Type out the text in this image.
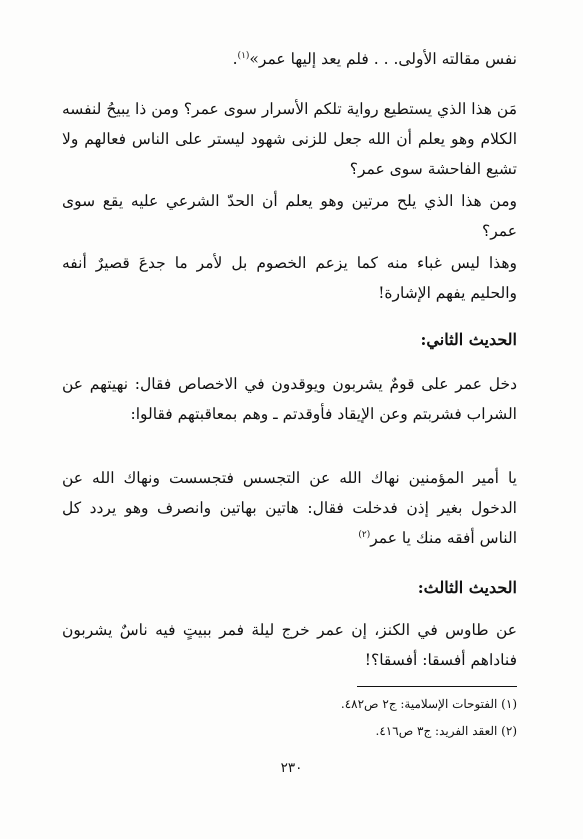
نفس مقالته الأولى. . . فلم يعد إليها عمر»$^{(١)}$.

مَن هذا الذي يستطيع رواية تلكم الأسرار سوى عمر؟ ومن ذا يبيحُ لنفسه الكلام وهو يعلم أن الله جعل للزنى شهود ليستر على الناس فعالهم ولا تشيع الفاحشة سوى عمر؟

ومن هذا الذي يلح مرتين وهو يعلم أن الحدّ الشرعي عليه يقع سوى عمر؟

وهذا ليس غباء منه كما يزعم الخصوم بل لأمر ما جدعَ قصيرٌ أنفه والحليم يفهم الإشارة!

الحديث الثاني:

دخل عمر على قومٌ يشربون ويوقدون في الاخصاص فقال: نهيتهم عن الشراب فشربتم وعن الإيقاد فأوقدتم ـ وهم بمعاقبتهم فقالوا:

يا أمير المؤمنين نهاك الله عن التجسس فتجسست ونهاك الله عن الدخول بغير إذن فدخلت فقال: هاتين بهاتين وانصرف وهو يردد كل الناس أفقه منك يا عمر$^{(٢)}$

الحديث الثالث:

عن طاوس في الكنز، إن عمر خرج ليلة فمر ببيتٍ فيه ناسٌ يشربون فناداهم أفسقا: أفسقا؟!

(١) الفتوحات الإسلامية: ج٢ ص٤٨٢.
(٢) العقد الفريد: ج٣ ص٤١٦.
٢٣٠
